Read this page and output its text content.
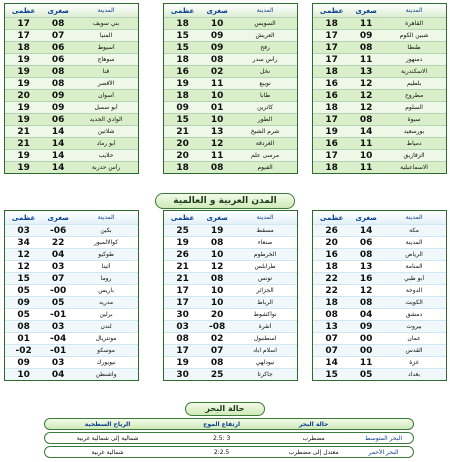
عظمى	صغرى	المدينة
18	11	القاهرة
17	09	شبين الكوم
17	08	طنطا
17	11	دمنهور
18	13	الاسكندرية
16	12	بلطيم
16	12	مطروح
18	12	السلوم
17	08	سيوة
19	14	بورسعيد
16	11	دمياط
17	10	الزقازيق
18	11	الاسماعيلية
عظمى	صغرى	المدينة
18	10	السويس
15	09	العريش
15	09	رفح
18	08	رأس سدر
16	02	نخل
19	11	نويبع
18	10	طابا
09	01	كاترين
15	10	الطور
21	13	شرم الشيخ
20	12	الغردقة
20	11	مرسى علم
18	08	الفيوم
عظمى	صغرى	المدينة
17	08	بني سويف
17	07	المنيا
18	06	أسيوط
19	06	سوهاج
19	08	قنا
19	08	الأقصر
20	09	أسوان
19	09	أبو سمبل
19	06	الوادي الجديد
21	14	شلاتين
21	14	أبو رماد
19	14	حلايب
19	14	رأس حدربة
المدن العربية و العالمية
عظمى	صغرى	المدينة
26	14	مكة
20	06	المدينة
16	08	الرياض
18	13	المنامة
22	16	أبو ظبي
22	12	الدوحة
18	08	الكويت
08	04	دمشق
13	09	بيروت
07	00	عمان
07	00	القدس
14	11	غزة
15	05	بغداد
عظمى	صغرى	المدينة
25	19	مسقط
19	08	صنعاء
26	10	الخرطوم
21	12	طرابلس
21	08	تونس
17	10	الجزائر
17	10	الرباط
30	20	نواكشوط
03	-08	أنقرة
08	02	اسطنبول
17	07	اسلام آباد
19	08	نيودلهي
30	25	جاكرتا
عظمى	صغرى	المدينة
03	-06	بكين
34	22	كوالالمبور
12	04	طوكيو
12	03	أثينا
15	07	روما
05	-00	باريس
09	05	مدريد
05	-01	برلين
08	03	لندن
01	-04	مونتريال
-02	-01	موسكو
09	03	نيويورك
10	04	واشنطن
حالة البحر
الرياح السطحية	ارتفاع الموج	حالة البحر
شمالية إلى شمالية غربية	2.5: 3	مضطرب	البحر المتوسط
شمالية غربية	2:2.5	معتدل إلى مضطرب	البحر الأحمر
